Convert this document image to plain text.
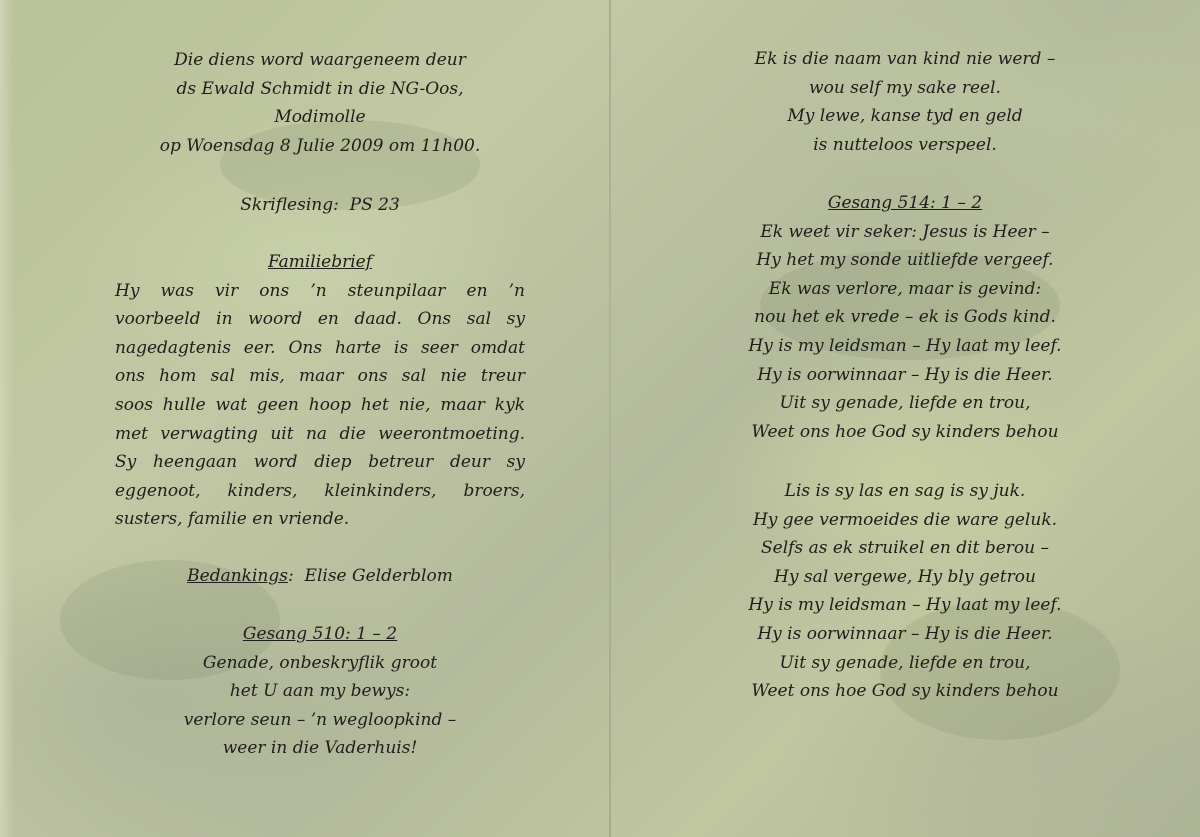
Die diens word waargeneem deur
ds Ewald Schmidt in die NG-Oos,
Modimolle
op Woensdag 8 Julie 2009 om 11h00.
Skriflesing: PS 23
Familiebrief
Hy was vir ons ’n steunpilaar en ’n
voorbeeld in woord en daad. Ons sal sy
nagedagtenis eer. Ons harte is seer omdat
ons hom sal mis, maar ons sal nie treur
soos hulle wat geen hoop het nie, maar kyk
met verwagting uit na die weerontmoeting.
Sy heengaan word diep betreur deur sy
eggenoot, kinders, kleinkinders, broers,
susters, familie en vriende.
Bedankings: Elise Gelderblom
Gesang 510: 1 – 2
Genade, onbeskryflik groot
het U aan my bewys:
verlore seun – ’n wegloopkind –
weer in die Vaderhuis!
Ek is die naam van kind nie werd –
wou self my sake reel.
My lewe, kanse tyd en geld
is nutteloos verspeel.
Gesang 514: 1 – 2
Ek weet vir seker: Jesus is Heer –
Hy het my sonde uitliefde vergeef.
Ek was verlore, maar is gevind:
nou het ek vrede – ek is Gods kind.
Hy is my leidsman – Hy laat my leef.
Hy is oorwinnaar – Hy is die Heer.
Uit sy genade, liefde en trou,
Weet ons hoe God sy kinders behou
Lis is sy las en sag is sy juk.
Hy gee vermoeides die ware geluk.
Selfs as ek struikel en dit berou –
Hy sal vergewe, Hy bly getrou
Hy is my leidsman – Hy laat my leef.
Hy is oorwinnaar – Hy is die Heer.
Uit sy genade, liefde en trou,
Weet ons hoe God sy kinders behou
